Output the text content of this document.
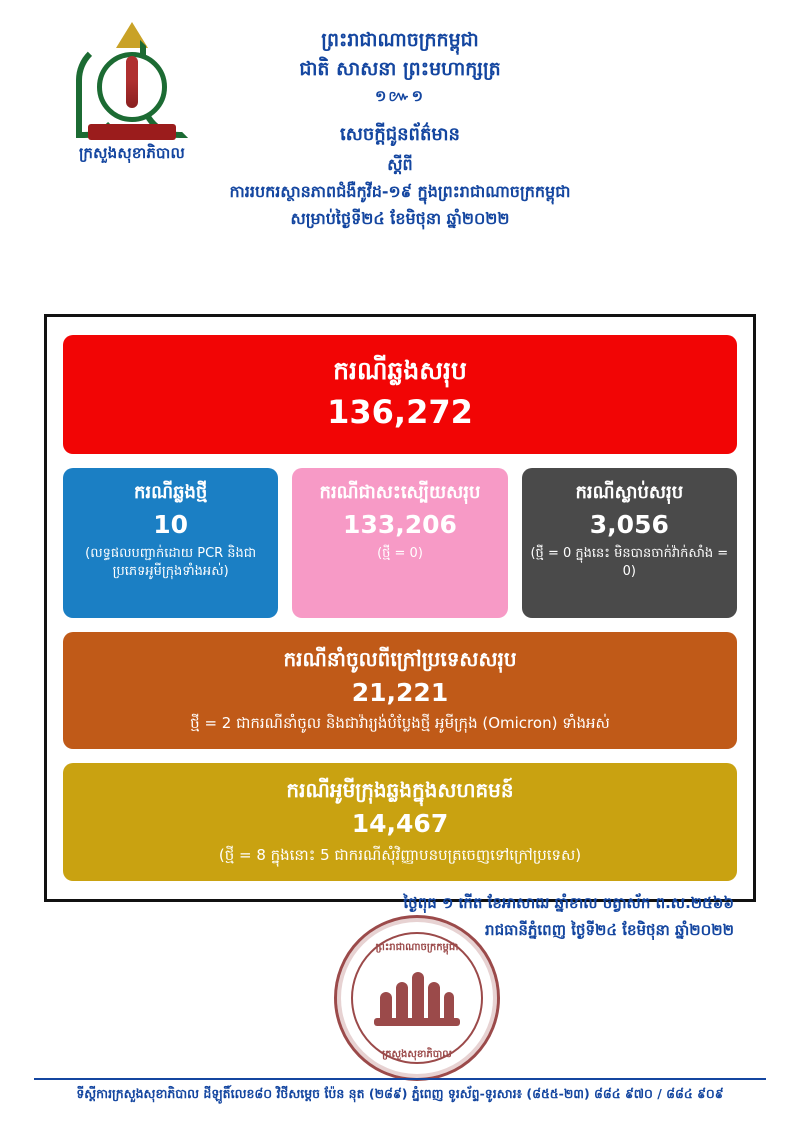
ក្រសួងសុខាភិបាល
ព្រះរាជាណាចក្រកម្ពុជា
ជាតិ សាសនា ព្រះមហាក្សត្រ
១៚១
សេចក្ដីជូនព័ត៌មាន
ស្ដីពី
ការរបករស្ថានភាពជំងឺកូវីដ-១៩ ក្នុងព្រះរាជាណាចក្រកម្ពុជា
សម្រាប់ថ្ងៃទី២៤ ខែមិថុនា ឆ្នាំ២០២២
ករណីឆ្លងសរុប
136,272
ករណីឆ្លងថ្មី
10
(លទ្ធផលបញ្ជាក់ដោយ PCR និងជាប្រភេទអូមីក្រុងទាំងអស់)
ករណីជាសះស្បើយសរុប
133,206
(ថ្មី = 0)
ករណីស្លាប់សរុប
3,056
(ថ្មី = 0 ក្នុងនេះ មិនបានចាក់វ៉ាក់សាំង = 0)
ករណីនាំចូលពីក្រៅប្រទេសសរុប
21,221
ថ្មី = 2 ជាករណីនាំចូល និងជាវ៉ារ្យង់បំប្លែងថ្មី អូមីក្រុង (Omicron) ទាំងអស់
ករណីអូមីក្រុងឆ្លងក្នុងសហគមន៍
14,467
(ថ្មី = 8 ក្នុងនោះ 5 ជាករណីសុំវិញ្ញាបនបត្រចេញទៅក្រៅប្រទេស)
ថ្ងៃពុធ ១ កើត ខែអាសាឍ ឆ្នាំខាល ចត្វាស័ក ព.ស.២៥៦៦
រាជធានីភ្នំពេញ ថ្ងៃទី២៤ ខែមិថុនា ឆ្នាំ២០២២
ព្រះរាជាណាចក្រកម្ពុជា
ក្រសួងសុខាភិបាល
ទីស្តីការក្រសួងសុខាភិបាល ដីឡូតិ៍លេខ៨០ វិថីសម្តេច ប៉ែន នុត (២៨៩) ភ្នំពេញ ទូរស័ព្ទ-ទូរសារ៖ (៨៥៥-២៣) ៨៨៤ ៩៧០ / ៨៨៤ ៩០៩
